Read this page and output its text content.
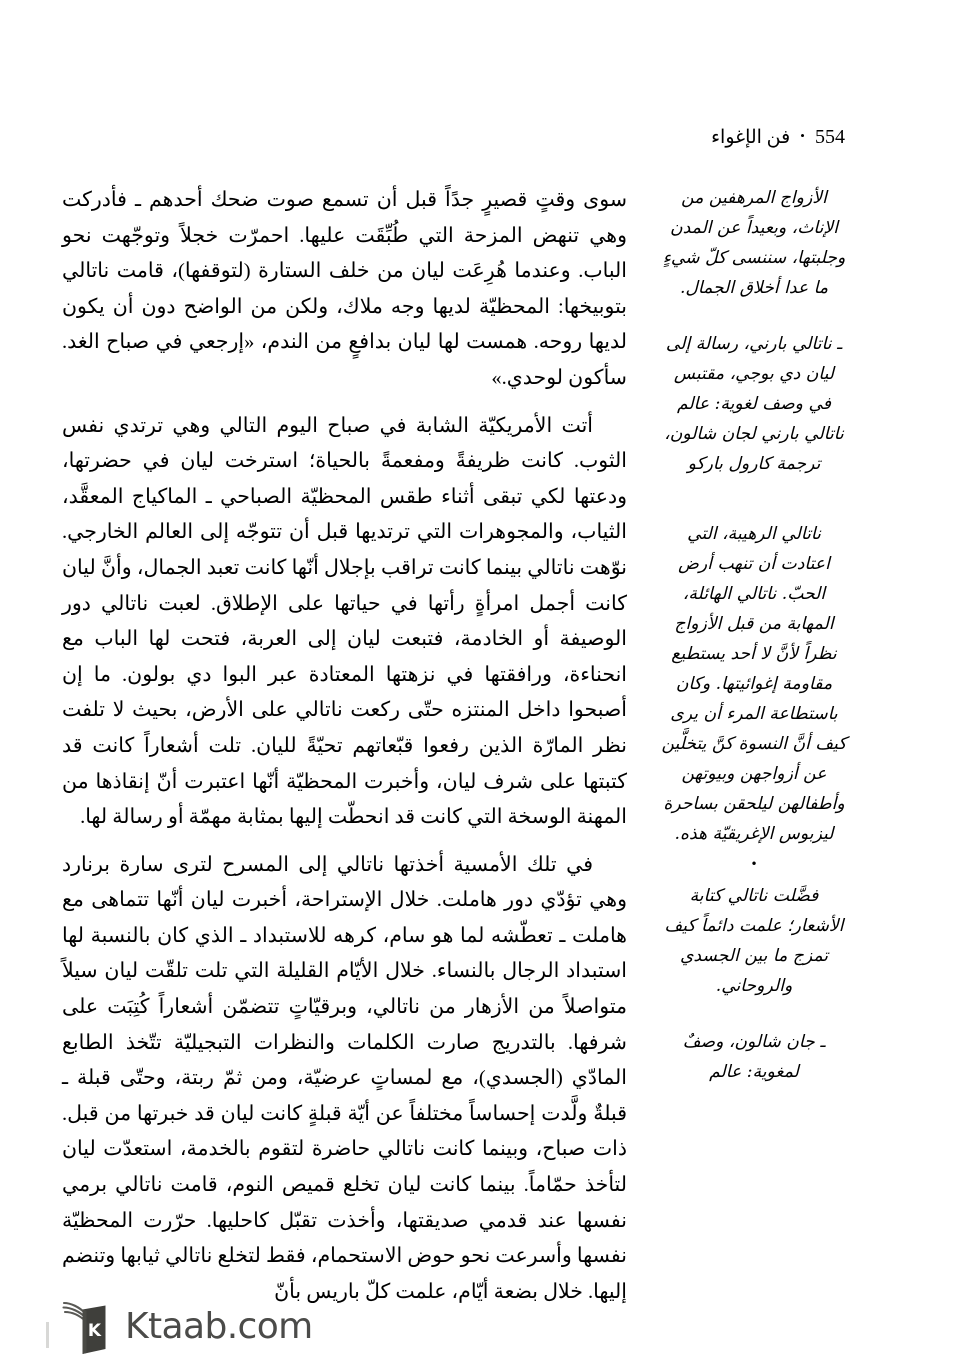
554•فن الإغواء

الأزواج المرهفين من الإناث، وبعيداً عن المدن وجلبتها، سننسى كلّ شيءٍ ما عدا أخلاق الجمال.

ـ ناتالي بارني، رسالة إلى ليان دي بوجي، مقتبس في وصف لغوية: عالم ناتالي بارني لجان شالون، ترجمة كارول باركو

ناتالي الرهيبة، التي اعتادت أن تنهب أرض الحبّ. ناتالي الهائلة، المهابة من قبل الأزواج نظراً لأنَّ لا أحد يستطيع مقاومة إغوائيتها. وكان باستطاعة المرء أن يرى كيف أنَّ النسوة كنَّ يتخلَّين عن أزواجهن وبيوتهن وأطفالهن ليلحقن بساحرة ليزبوس الإغريقيّة هذه.

•

فضَّلت ناتالي كتابة الأشعار؛ علمت دائماً كيف تمزج ما بين الجسدي والروحاني.

ـ جان شالون، وصفٌ لمغوية: عالم

سوى وقتٍ قصيرٍ جدًاً قبل أن تسمع صوت ضحك أحدهم ـ فأدركت وهي تنهض المزحة التي طُبِّقَت عليها. احمرّت خجلاً وتوجّهت نحو الباب. وعندما هُرِعَت ليان من خلف الستارة (لتوقفها)، قامت ناتالي بتوبيخها: المحظيّة لديها وجه ملاك، ولكن من الواضح دون أن يكون لديها روحه. همست لها ليان بدافعٍ من الندم، «إرجعي في صباح الغد. سأكون لوحدي.»

أتت الأمريكيّة الشابة في صباح اليوم التالي وهي ترتدي نفس الثوب. كانت ظريفةً ومفعمةً بالحياة؛ استرخت ليان في حضرتها، ودعتها لكي تبقى أثناء طقس المحظيّة الصباحي ـ الماكياج المعقَّد، الثياب، والمجوهرات التي ترتديها قبل أن تتوجّه إلى العالم الخارجي. نوّهت ناتالي بينما كانت تراقب بإجلال أنّها كانت تعبد الجمال، وأنَّ ليان كانت أجمل امرأةٍ رأتها في حياتها على الإطلاق. لعبت ناتالي دور الوصيفة أو الخادمة، فتبعت ليان إلى العربة، فتحت لها الباب مع انحناءة، ورافقتها في نزهتها المعتادة عبر البوا دي بولون. ما إن أصبحوا داخل المنتزه حتّى ركعت ناتالي على الأرض، بحيث لا تلفت نظر المارّة الذين رفعوا قبّعاتهم تحيّةً لليان. تلت أشعاراً كانت قد كتبتها على شرف ليان، وأخبرت المحظيّة أنّها اعتبرت أنّ إنقاذها من المهنة الوسخة التي كانت قد انحطّت إليها بمثابة مهمّة أو رسالة لها.

في تلك الأمسية أخذتها ناتالي إلى المسرح لترى سارة برنارد وهي تؤدّي دور هاملت. خلال الإستراحة، أخبرت ليان أنّها تتماهى مع هاملت ـ تعطّشه لما هو سام، كرهه للاستبداد ـ الذي كان بالنسبة لها استبداد الرجال بالنساء. خلال الأيّام القليلة التي تلت تلقّت ليان سيلاً متواصلاً من الأزهار من ناتالي، وبرقيّاتٍ تتضمّن أشعاراً كُتِبَت على شرفها. بالتدريج صارت الكلمات والنظرات التبجيليّة تتّخذ الطابع المادّي (الجسدي)، مع لمساتٍ عرضيّة، ومن ثمّ ربتة، وحتّى قبلة ـ قبلةٌ ولَّدت إحساساً مختلفاً عن أيّة قبلةٍ كانت ليان قد خبرتها من قبل. ذات صباح، وبينما كانت ناتالي حاضرة لتقوم بالخدمة، استعدّت ليان لتأخذ حمّاماً. بينما كانت ليان تخلع قميص النوم، قامت ناتالي برمي نفسها عند قدمي صديقتها، وأخذت تقبّل كاحليها. حرّرت المحظيّة نفسها وأسرعت نحو حوض الاستحمام، فقط لتخلع ناتالي ثيابها وتنضم إليها. خلال بضعة أيّام، علمت كلّ باريس بأنّ

K Ktaab.com
